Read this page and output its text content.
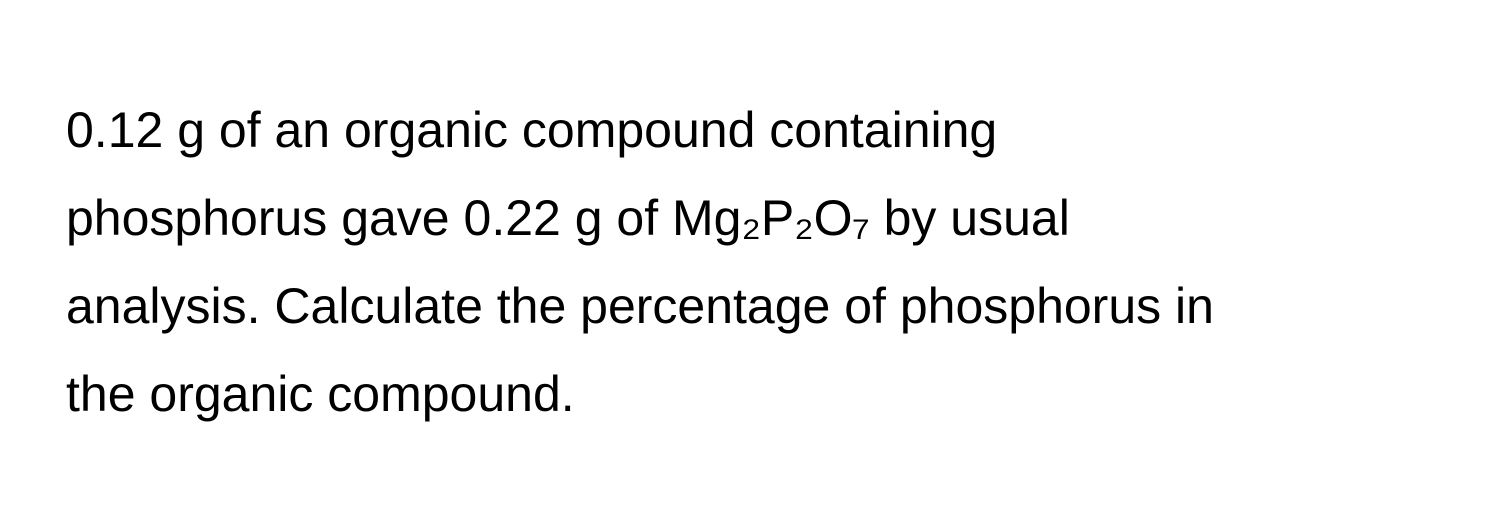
0.12 g of an organic compound containing
phosphorus gave 0.22 g of Mg₂P₂O₇ by usual
analysis. Calculate the percentage of phosphorus in
the organic compound.
